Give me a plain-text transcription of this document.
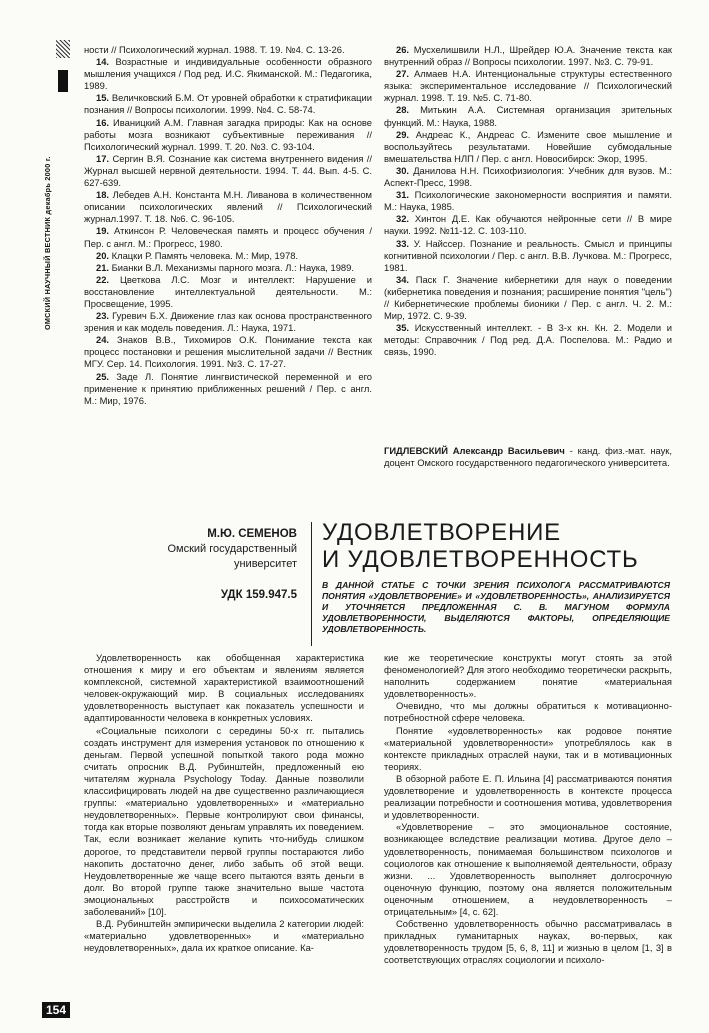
ОМСКИЙ НАУЧНЫЙ ВЕСТНИК декабрь 2000 г.

ности // Психологический журнал. 1988. Т. 19. №4. С. 13-26.

14. Возрастные и индивидуальные особенности образного мышления учащихся / Под ред. И.С. Якиманской. М.: Педагогика, 1989.

15. Величковский Б.М. От уровней обработки к стратификации познания // Вопросы психологии. 1999. №4. С. 58-74.

16. Иваницкий А.М. Главная загадка природы: Как на основе работы мозга возникают субъективные переживания // Психологический журнал. 1999. Т. 20. №3. С. 93-104.

17. Сергин В.Я. Сознание как система внутреннего видения // Журнал высшей нервной деятельности. 1994. Т. 44. Вып. 4-5. С. 627-639.

18. Лебедев А.Н. Константа М.Н. Ливанова в количественном описании психологических явлений // Психологический журнал.1997. Т. 18. №6. С. 96-105.

19. Аткинсон Р. Человеческая память и процесс обучения / Пер. с англ. М.: Прогресс, 1980.

20. Клацки Р. Память человека. М.: Мир, 1978.

21. Бианки В.Л. Механизмы парного мозга. Л.: Наука, 1989.

22. Цветкова Л.С. Мозг и интеллект: Нарушение и восстановление интеллектуальной деятельности. М.: Просвещение, 1995.

23. Гуревич Б.Х. Движение глаз как основа пространственного зрения и как модель поведения. Л.: Наука, 1971.

24. Знаков В.В., Тихомиров О.К. Понимание текста как процесс постановки и решения мыслительной задачи // Вестник МГУ. Сер. 14. Психология. 1991. №3. С. 17-27.

25. Заде Л. Понятие лингвистической переменной и его применение к принятию приближенных решений / Пер. с англ. М.: Мир, 1976.

26. Мусхелишвили Н.Л., Шрейдер Ю.А. Значение текста как внутренний образ // Вопросы психологии. 1997. №3. С. 79-91.

27. Алмаев Н.А. Интенциональные структуры естественного языка: экспериментальное исследование // Психологический журнал. 1998. Т. 19. №5. С. 71-80.

28. Митькин А.А. Системная организация зрительных функций. М.: Наука, 1988.

29. Андреас К., Андреас С. Измените свое мышление и воспользуйтесь результатами. Новейшие субмодальные вмешательства НЛП / Пер. с англ. Новосибирск: Экор, 1995.

30. Данилова Н.Н. Психофизиология: Учебник для вузов. М.: Аспект-Пресс, 1998.

31. Психологические закономерности восприятия и памяти. М.: Наука, 1985.

32. Хинтон Д.Е. Как обучаются нейронные сети // В мире науки. 1992. №11-12. С. 103-110.

33. У. Найссер. Познание и реальность. Смысл и принципы когнитивной психологии / Пер. с англ. В.В. Лучкова. М.: Прогресс, 1981.

34. Паск Г. Значение кибернетики для наук о поведении (кибернетика поведения и познания; расширение понятия "цель") // Кибернетические проблемы бионики / Пер. с англ. Ч. 2. М.: Мир, 1972. С. 9-39.

35. Искусственный интеллект. - В 3-х кн. Кн. 2. Модели и методы: Справочник / Под ред. Д.А. Поспелова. М.: Радио и связь, 1990.

ГИДЛЕВСКИЙ Александр Васильевич - канд. физ.-мат. наук, доцент Омского государственного педагогического университета.
М.Ю. СЕМЕНОВ
Омский государственный
университет
УДК 159.947.5
УДОВЛЕТВОРЕНИЕ
И УДОВЛЕТВОРЕННОСТЬ

В ДАННОЙ СТАТЬЕ С ТОЧКИ ЗРЕНИЯ ПСИХОЛОГА РАССМАТРИВАЮТСЯ ПОНЯТИЯ «УДОВЛЕТВОРЕНИЕ» И «УДОВЛЕТВОРЕННОСТЬ», АНАЛИЗИРУЕТСЯ И УТОЧНЯЕТСЯ ПРЕДЛОЖЕННАЯ С. В. МАГУНОМ ФОРМУЛА УДОВЛЕТВОРЕННОСТИ, ВЫДЕЛЯЮТСЯ ФАКТОРЫ, ОПРЕДЕЛЯЮЩИЕ УДОВЛЕТВОРЕННОСТЬ.

Удовлетворенность как обобщенная характеристика отношения к миру и его объектам и явлениям является комплексной, системной характеристикой взаимоотношений человек-окружающий мир. В социальных исследованиях удовлетворенность выступает как показатель успешности и адаптированности человека в конкретных условиях.

«Социальные психологи с середины 50-х гг. пытались создать инструмент для измерения установок по отношению к деньгам. Первой успешной попыткой такого рода можно считать опросник В.Д. Рубинштейн, предложенный ею читателям журнала Psychology Today. Данные позволили классифицировать людей на две существенно различающиеся группы: «материально удовлетворенных» и «материально неудовлетворенных». Первые контролируют свои финансы, тогда как вторые позволяют деньгам управлять их поведением. Так, если возникает желание купить что-нибудь слишком дорогое, то представители первой группы постараются либо накопить достаточно денег, либо забыть об этой вещи. Неудовлетворенные же чаще всего пытаются взять деньги в долг. Во второй группе также значительно выше частота эмоциональных расстройств и психосоматических заболеваний» [10].

В.Д. Рубинштейн эмпирически выделила 2 категории людей: «материально удовлетворенных» и «материально неудовлетворенных», дала их краткое описание. Ка-

кие же теоретические конструкты могут стоять за этой феноменологией? Для этого необходимо теоретически раскрыть, наполнить содержанием понятие «материальная удовлетворенность».

Очевидно, что мы должны обратиться к мотивационно-потребностной сфере человека.

Понятие «удовлетворенность» как родовое понятие «материальной удовлетворенности» употреблялось как в контексте прикладных отраслей науки, так и в мотивационных теориях.

В обзорной работе Е. П. Ильина [4] рассматриваются понятия удовлетворение и удовлетворенность в контексте процесса реализации потребности и соотношения мотива, удовлетворения и удовлетворенности.

«Удовлетворение – это эмоциональное состояние, возникающее вследствие реализации мотива. Другое дело – удовлетворенность, понимаемая большинством психологов и социологов как отношение к выполняемой деятельности, образу жизни. ... Удовлетворенность выполняет долгосрочную оценочную функцию, поэтому она является положительным оценочным отношением, а неудовлетворенность – отрицательным» [4, с. 62].

Собственно удовлетворенность обычно рассматривалась в прикладных гуманитарных науках, во-первых, как удовлетворенность трудом [5, 6, 8, 11] и жизнью в целом [1, 3] в соответствующих отраслях социологии и психоло-

154
